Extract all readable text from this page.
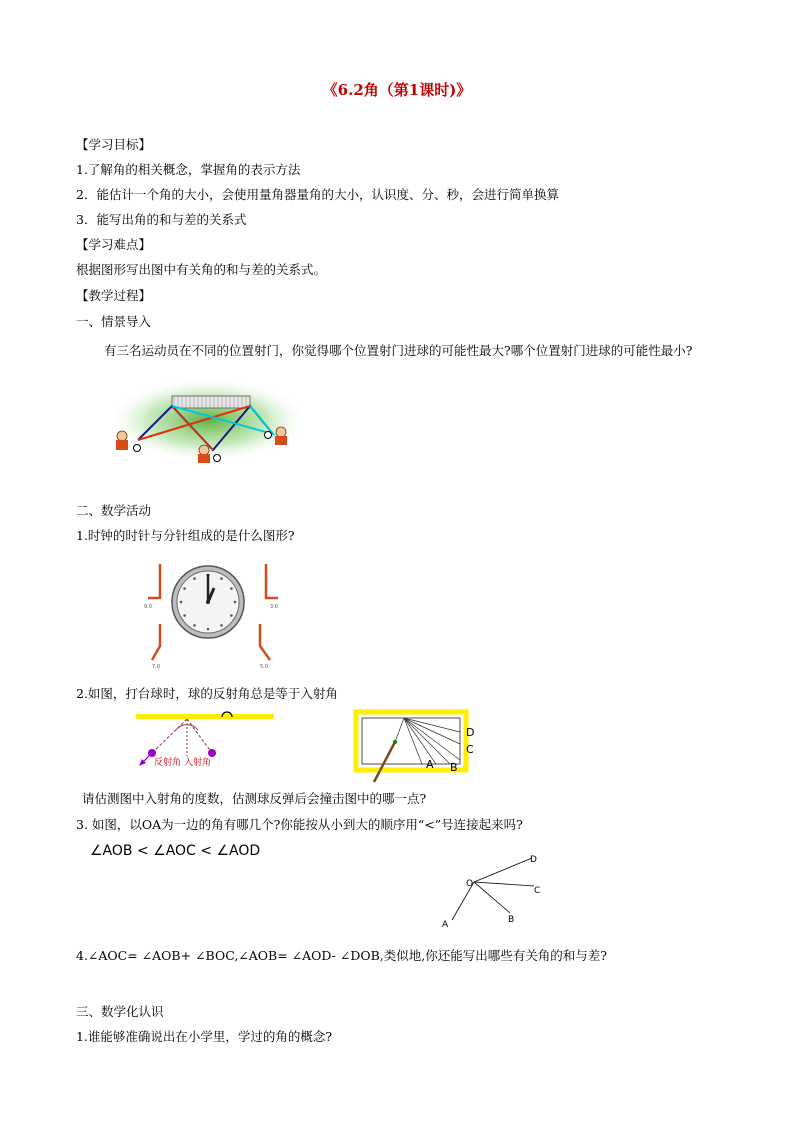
《6.2角（第1课时)》
【学习目标】
1.了解角的相关概念，掌握角的表示方法
2．能估计一个角的大小，会使用量角器量角的大小，认识度、分、秒，会进行简单换算
3．能写出角的和与差的关系式
【学习难点】
根据图形写出图中有关角的和与差的关系式。
【教学过程】
一、情景导入
有三名运动员在不同的位置射门，你觉得哪个位置射门进球的可能性最大?哪个位置射门进球的可能性最小?
二、数学活动
1.时钟的时针与分针组成的是什么图形?
9.0	3.0
7.0	5.0
2.如图，打台球时，球的反射角总是等于入射角
反射角 入射角
D
C
A B
请估测图中入射角的度数，估测球反弹后会撞击图中的哪一点?
3. 如图，以OA为一边的角有哪几个?你能按从小到大的顺序用“<”号连接起来吗?
∠AOB < ∠AOC < ∠AOD
O
D
C
B
A
4.∠AOC= ∠AOB+ ∠BOC,∠AOB= ∠AOD- ∠DOB,类似地,你还能写出哪些有关角的和与差?
三、数学化认识
1.谁能够准确说出在小学里，学过的角的概念?
